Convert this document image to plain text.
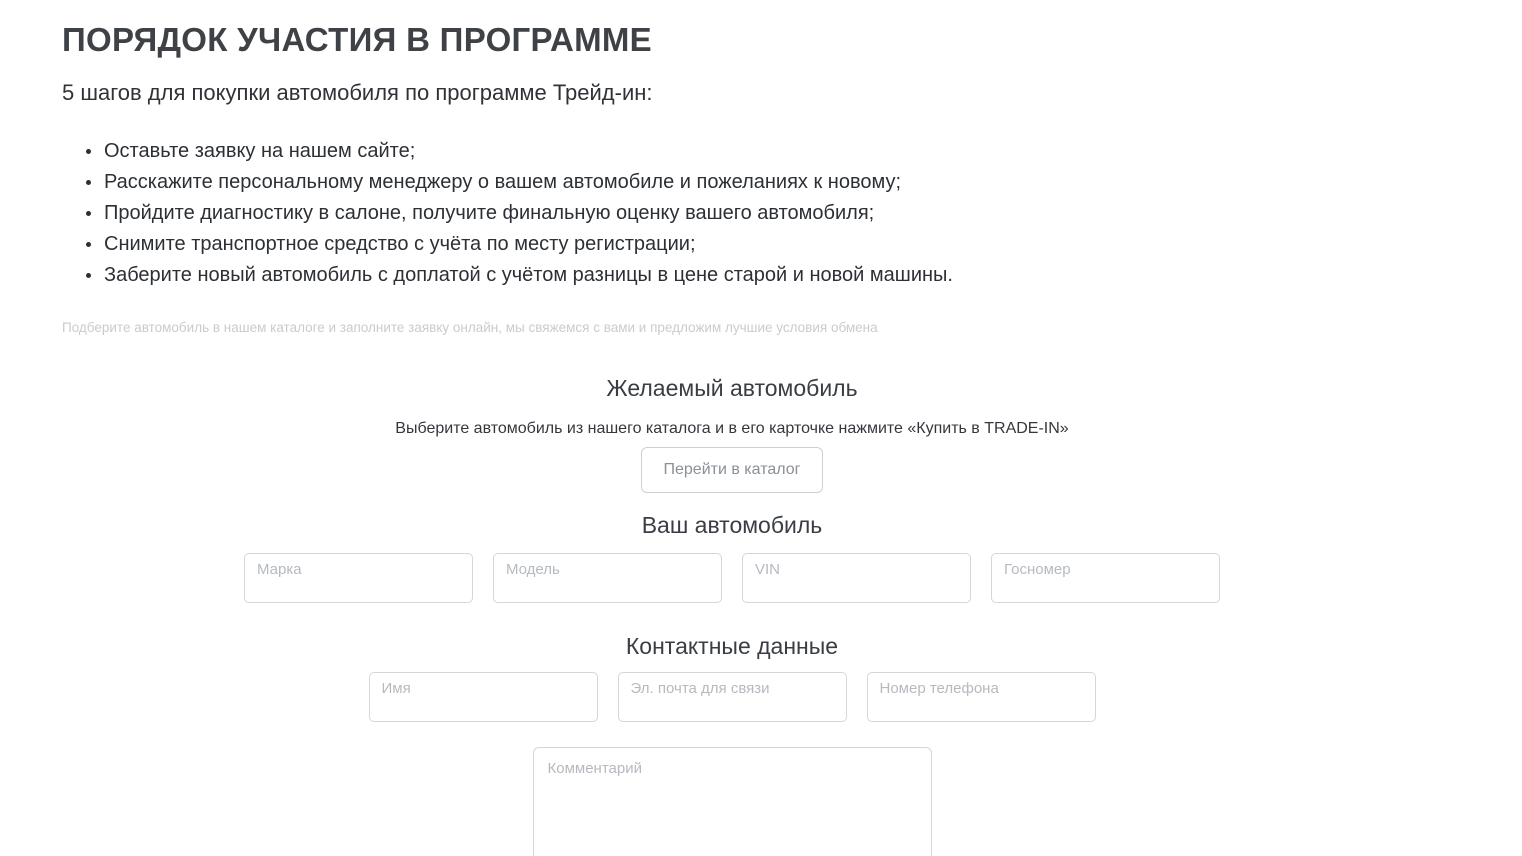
ПОРЯДОК УЧАСТИЯ В ПРОГРАММЕ

5 шагов для покупки автомобиля по программе Трейд-ин:

Оставьте заявку на нашем сайте;
Расскажите персональному менеджеру о вашем автомобиле и пожеланиях к новому;
Пройдите диагностику в салоне, получите финальную оценку вашего автомобиля;
Снимите транспортное средство с учёта по месту регистрации;
Заберите новый автомобиль с доплатой с учётом разницы в цене старой и новой машины.

Подберите автомобиль в нашем каталоге и заполните заявку онлайн, мы свяжемся с вами и предложим лучшие условия обмена

Желаемый автомобиль

Выберите автомобиль из нашего каталога и в его карточке нажмите «Купить в TRADE-IN»

Перейти в каталог
Ваш автомобиль
Марка
Модель
VIN
Госномер
Контактные данные
Имя
Эл. почта для связи
Номер телефона
Комментарий
